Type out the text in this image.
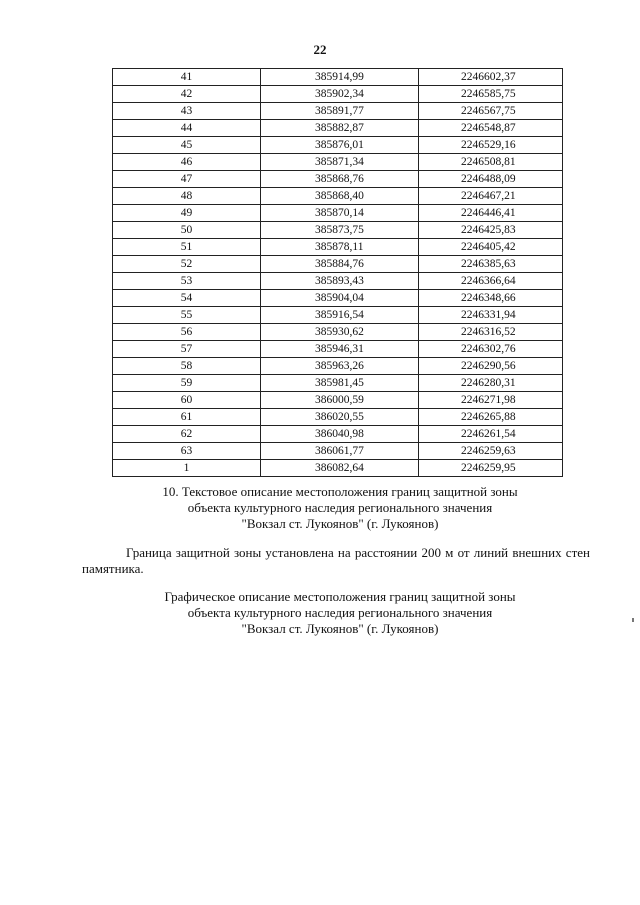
22
41	385914,99	2246602,37
42	385902,34	2246585,75
43	385891,77	2246567,75
44	385882,87	2246548,87
45	385876,01	2246529,16
46	385871,34	2246508,81
47	385868,76	2246488,09
48	385868,40	2246467,21
49	385870,14	2246446,41
50	385873,75	2246425,83
51	385878,11	2246405,42
52	385884,76	2246385,63
53	385893,43	2246366,64
54	385904,04	2246348,66
55	385916,54	2246331,94
56	385930,62	2246316,52
57	385946,31	2246302,76
58	385963,26	2246290,56
59	385981,45	2246280,31
60	386000,59	2246271,98
61	386020,55	2246265,88
62	386040,98	2246261,54
63	386061,77	2246259,63
1	386082,64	2246259,95
10. Текстовое описание местоположения границ защитной зоны
объекта культурного наследия регионального значения
"Вокзал ст. Лукоянов" (г. Лукоянов)
Граница защитной зоны установлена на расстоянии 200 м от линий внешних стен памятника.
Графическое описание местоположения границ защитной зоны
объекта культурного наследия регионального значения
"Вокзал ст. Лукоянов" (г. Лукоянов)
